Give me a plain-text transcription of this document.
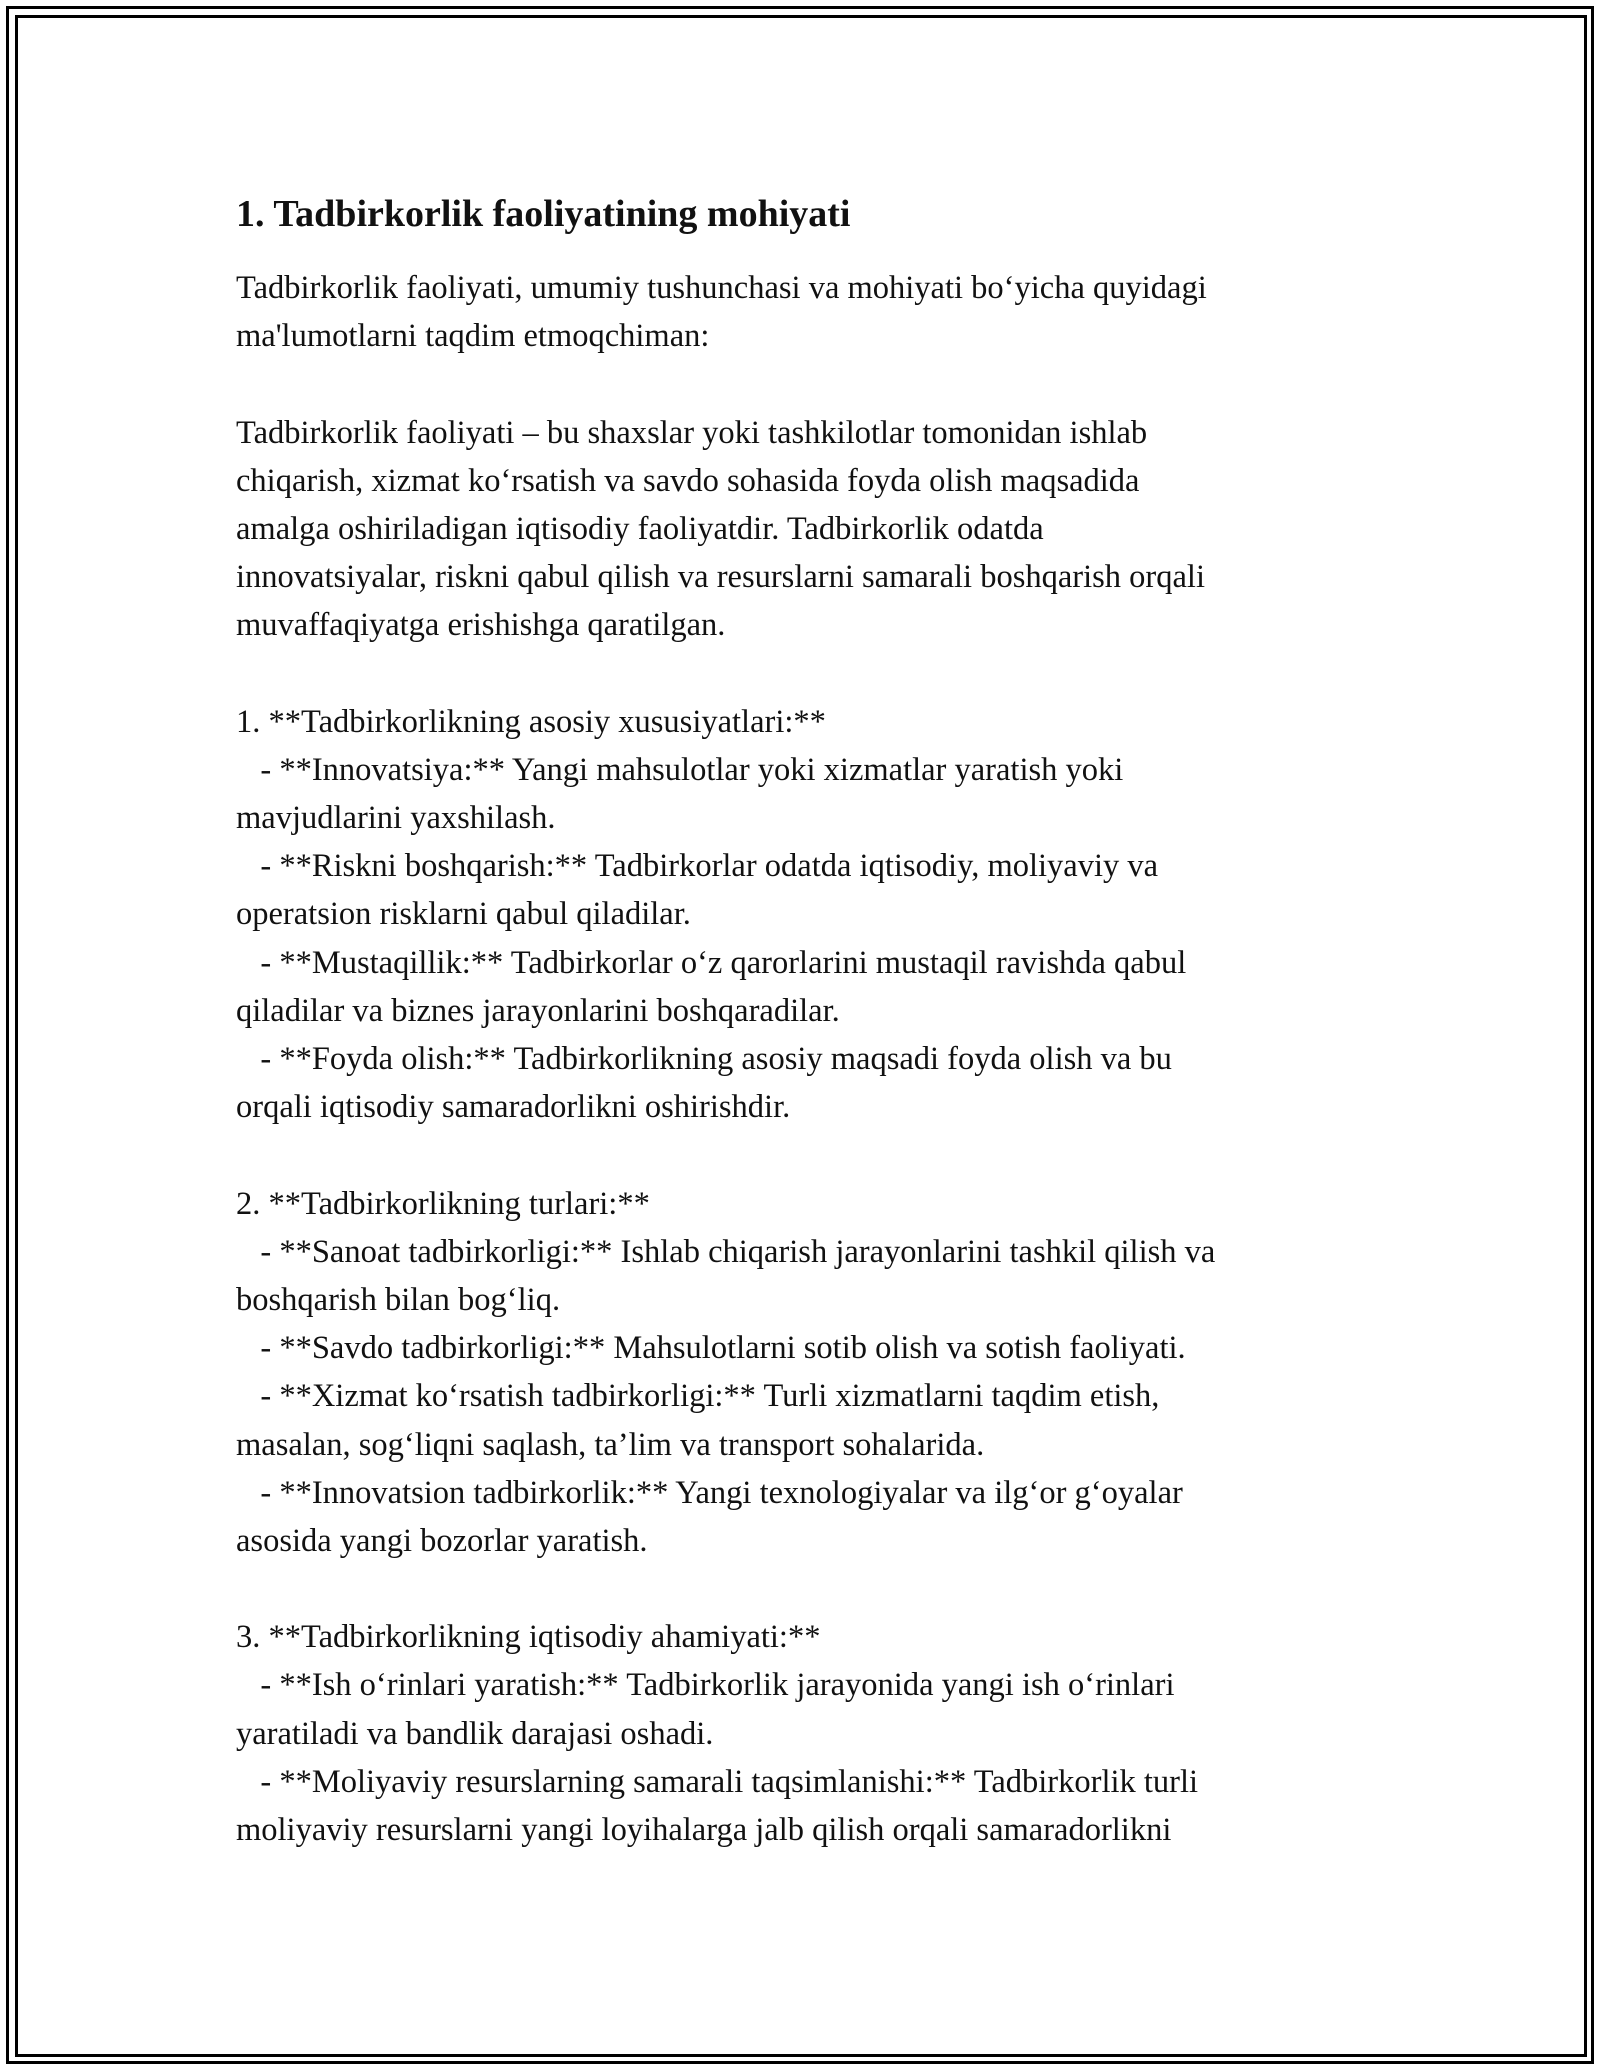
1. Tadbirkorlik faoliyatining mohiyati
Tadbirkorlik faoliyati, umumiy tushunchasi va mohiyati bo‘yicha quyidagi
ma'lumotlarni taqdim etmoqchiman:
Tadbirkorlik faoliyati – bu shaxslar yoki tashkilotlar tomonidan ishlab
chiqarish, xizmat ko‘rsatish va savdo sohasida foyda olish maqsadida
amalga oshiriladigan iqtisodiy faoliyatdir. Tadbirkorlik odatda
innovatsiyalar, riskni qabul qilish va resurslarni samarali boshqarish orqali
muvaffaqiyatga erishishga qaratilgan.
1. **Tadbirkorlikning asosiy xususiyatlari:**
- **Innovatsiya:** Yangi mahsulotlar yoki xizmatlar yaratish yoki
mavjudlarini yaxshilash.
- **Riskni boshqarish:** Tadbirkorlar odatda iqtisodiy, moliyaviy va
operatsion risklarni qabul qiladilar.
- **Mustaqillik:** Tadbirkorlar o‘z qarorlarini mustaqil ravishda qabul
qiladilar va biznes jarayonlarini boshqaradilar.
- **Foyda olish:** Tadbirkorlikning asosiy maqsadi foyda olish va bu
orqali iqtisodiy samaradorlikni oshirishdir.
2. **Tadbirkorlikning turlari:**
- **Sanoat tadbirkorligi:** Ishlab chiqarish jarayonlarini tashkil qilish va
boshqarish bilan bog‘liq.
- **Savdo tadbirkorligi:** Mahsulotlarni sotib olish va sotish faoliyati.
- **Xizmat ko‘rsatish tadbirkorligi:** Turli xizmatlarni taqdim etish,
masalan, sog‘liqni saqlash, ta’lim va transport sohalarida.
- **Innovatsion tadbirkorlik:** Yangi texnologiyalar va ilg‘or g‘oyalar
asosida yangi bozorlar yaratish.
3. **Tadbirkorlikning iqtisodiy ahamiyati:**
- **Ish o‘rinlari yaratish:** Tadbirkorlik jarayonida yangi ish o‘rinlari
yaratiladi va bandlik darajasi oshadi.
- **Moliyaviy resurslarning samarali taqsimlanishi:** Tadbirkorlik turli
moliyaviy resurslarni yangi loyihalarga jalb qilish orqali samaradorlikni
